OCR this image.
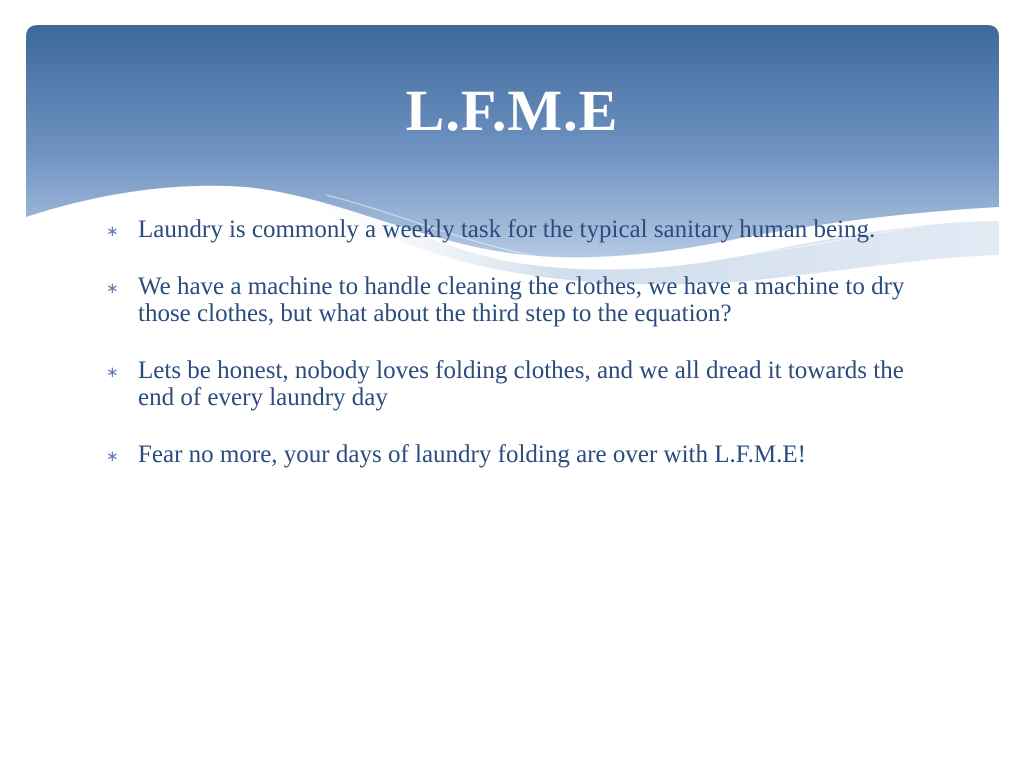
L.F.M.E
∗ Laundry is commonly a weekly task for the typical sanitary human being.
∗ We have a machine to handle cleaning the clothes, we have a machine to dry those clothes, but what about the third step to the equation?
∗ Lets be honest, nobody loves folding clothes, and we all dread it towards the end of every laundry day
∗ Fear no more, your days of laundry folding are over with L.F.M.E!
